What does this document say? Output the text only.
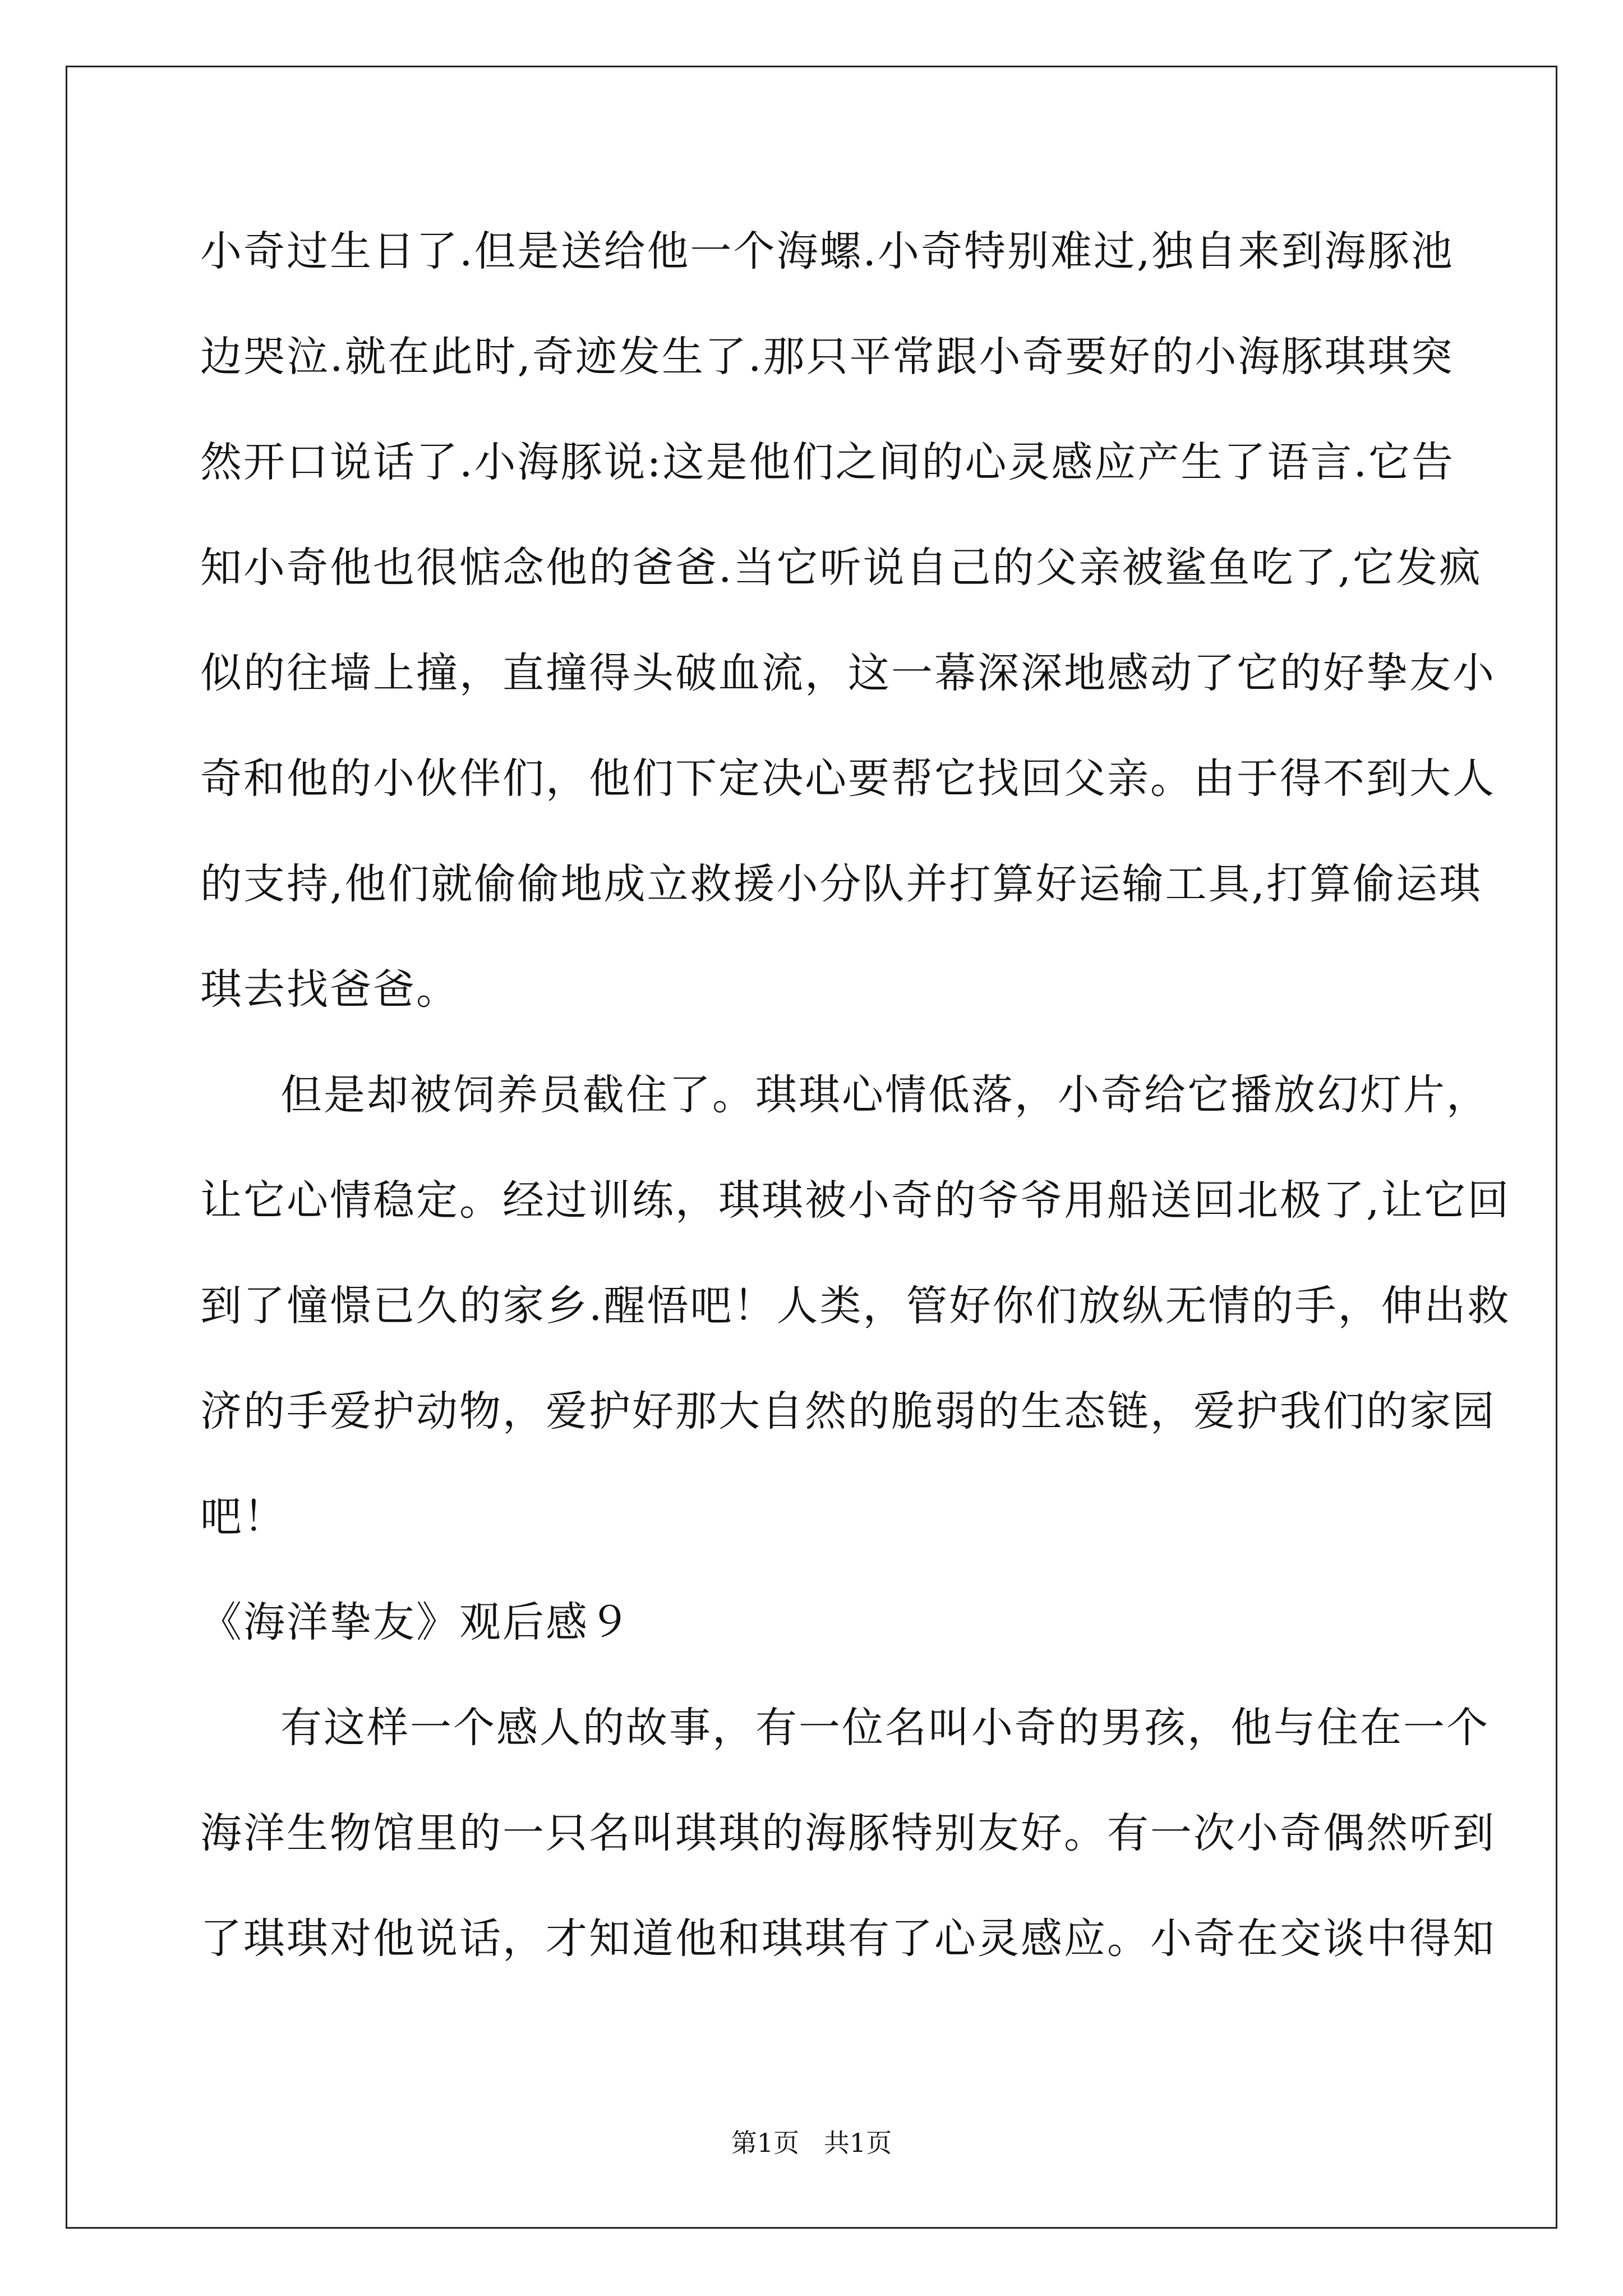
小奇过生日了.但是送给他一个海螺.小奇特别难过,独自来到海豚池
边哭泣.就在此时,奇迹发生了.那只平常跟小奇要好的小海豚琪琪突
然开口说话了.小海豚说:这是他们之间的心灵感应产生了语言.它告
知小奇他也很惦念他的爸爸.当它听说自己的父亲被鲨鱼吃了,它发疯
似的往墙上撞，直撞得头破血流，这一幕深深地感动了它的好挚友小
奇和他的小伙伴们，他们下定决心要帮它找回父亲。由于得不到大人
的支持,他们就偷偷地成立救援小分队并打算好运输工具,打算偷运琪
琪去找爸爸。
但是却被饲养员截住了。琪琪心情低落，小奇给它播放幻灯片，
让它心情稳定。经过训练，琪琪被小奇的爷爷用船送回北极了,让它回
到了憧憬已久的家乡.醒悟吧！人类，管好你们放纵无情的手，伸出救
济的手爱护动物，爱护好那大自然的脆弱的生态链，爱护我们的家园
吧！
《海洋挚友》观后感９
有这样一个感人的故事，有一位名叫小奇的男孩，他与住在一个
海洋生物馆里的一只名叫琪琪的海豚特别友好。有一次小奇偶然听到
了琪琪对他说话，才知道他和琪琪有了心灵感应。小奇在交谈中得知
第1页   共1页
